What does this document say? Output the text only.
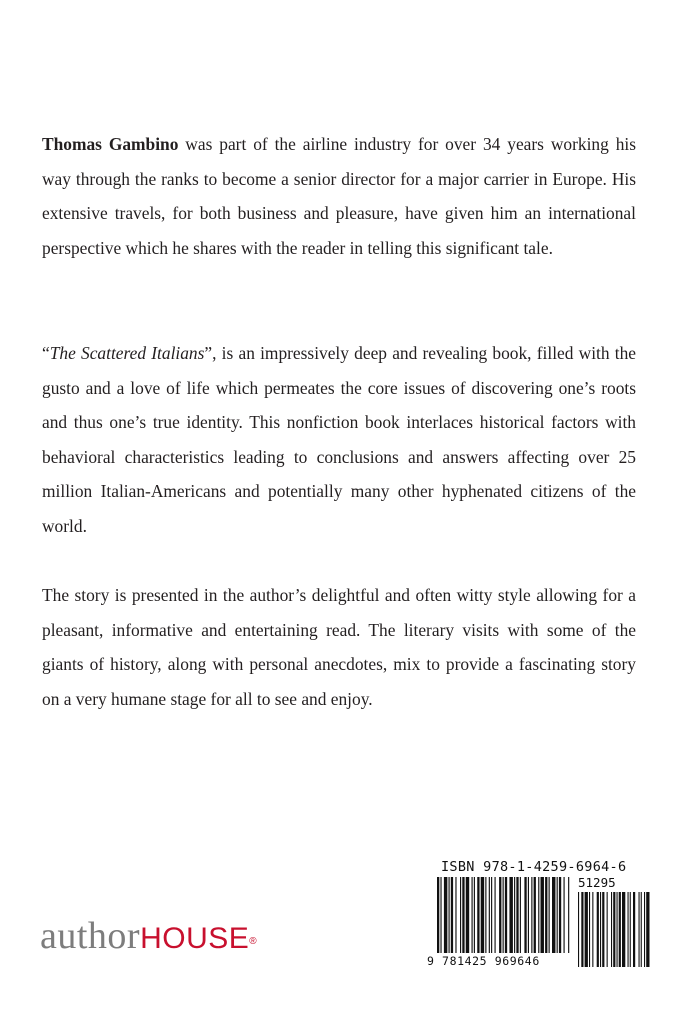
Thomas Gambino was part of the airline industry for over 34 years working his way through the ranks to become a senior director for a major carrier in Europe. His extensive travels, for both business and pleasure, have given him an international perspective which he shares with the reader in telling this significant tale.

“The Scattered Italians”, is an impressively deep and revealing book, filled with the gusto and a love of life which permeates the core issues of discovering one’s roots and thus one’s true identity. This nonfiction book interlaces historical factors with behavioral characteristics leading to conclusions and answers affecting over 25 million Italian-Americans and potentially many other hyphenated citizens of the world.

The story is presented in the author’s delightful and often witty style allowing for a pleasant, informative and entertaining read. The literary visits with some of the giants of history, along with personal anecdotes, mix to provide a fascinating story on a very humane stage for all to see and enjoy.

authorHOUSE®
ISBN 978-1-4259-6964-6
51295
9 781425 969646
